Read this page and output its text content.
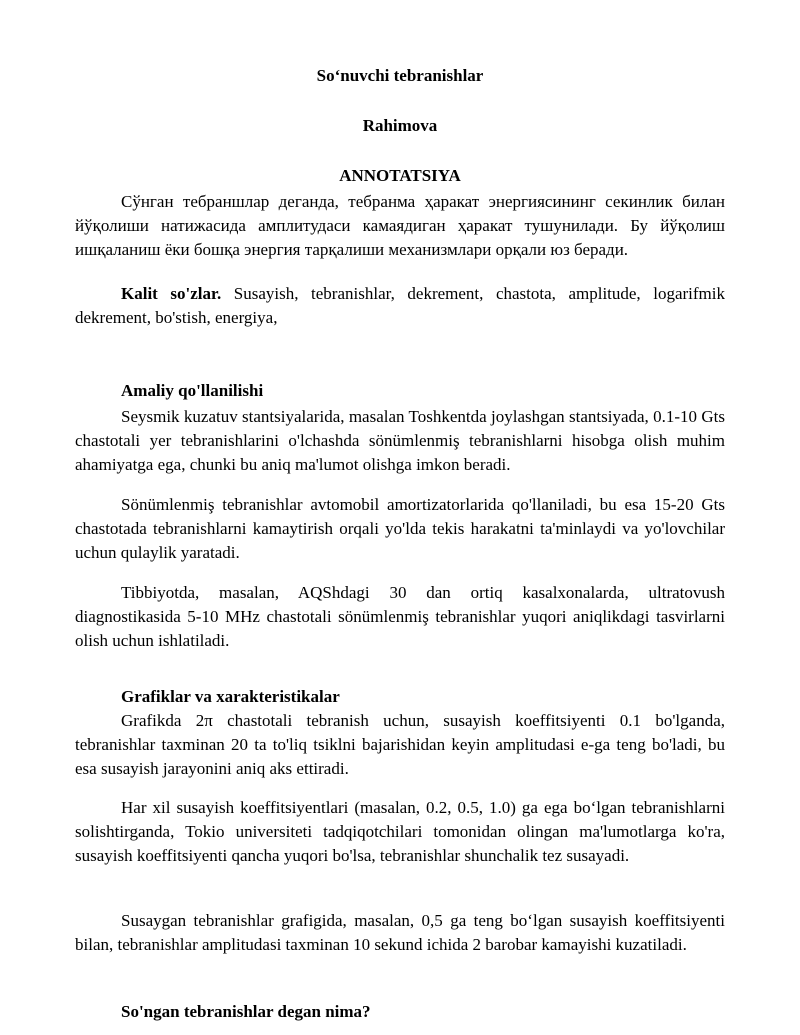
So‘nuvchi tebranishlar
Rahimova
ANNOTATSIYA
Сўнган тебраншлар деганда, тебранма ҳаракат энергиясининг секинлик билан йўқолиши натижасида амплитудаси камаядиган ҳаракат тушунилади. Бу йўқолиш ишқаланиш ёки бошқа энергия тарқалиши механизмлари орқали юз беради.
Kalit so'zlar. Susayish, tebranishlar, dekrement, chastota, amplitude, logarifmik dekrement, bo'stish, energiya,
Amaliy qo'llanilishi
Seysmik kuzatuv stantsiyalarida, masalan Toshkentda joylashgan stantsiyada, 0.1-10 Gts chastotali yer tebranishlarini o'lchashda sönümlenmiş tebranishlarni hisobga olish muhim ahamiyatga ega, chunki bu aniq ma'lumot olishga imkon beradi.
Sönümlenmiş tebranishlar avtomobil amortizatorlarida qo'llaniladi, bu esa 15-20 Gts chastotada tebranishlarni kamaytirish orqali yo'lda tekis harakatni ta'minlaydi va yo'lovchilar uchun qulaylik yaratadi.
Tibbiyotda, masalan, AQShdagi 30 dan ortiq kasalxonalarda, ultratovush diagnostikasida 5-10 MHz chastotali sönümlenmiş tebranishlar yuqori aniqlikdagi tasvirlarni olish uchun ishlatiladi.
Grafiklar va xarakteristikalar
Grafikda 2π chastotali tebranish uchun, susayish koeffitsiyenti 0.1 bo'lganda, tebranishlar taxminan 20 ta to'liq tsiklni bajarishidan keyin amplitudasi e-ga teng bo'ladi, bu esa susayish jarayonini aniq aks ettiradi.
Har xil susayish koeffitsiyentlari (masalan, 0.2, 0.5, 1.0) ga ega bo‘lgan tebranishlarni solishtirganda, Tokio universiteti tadqiqotchilari tomonidan olingan ma'lumotlarga ko'ra, susayish koeffitsiyenti qancha yuqori bo'lsa, tebranishlar shunchalik tez susayadi.
Susaygan tebranishlar grafigida, masalan, 0,5 ga teng bo‘lgan susayish koeffitsiyenti bilan, tebranishlar amplitudasi taxminan 10 sekund ichida 2 barobar kamayishi kuzatiladi.
So'ngan tebranishlar degan nima?
